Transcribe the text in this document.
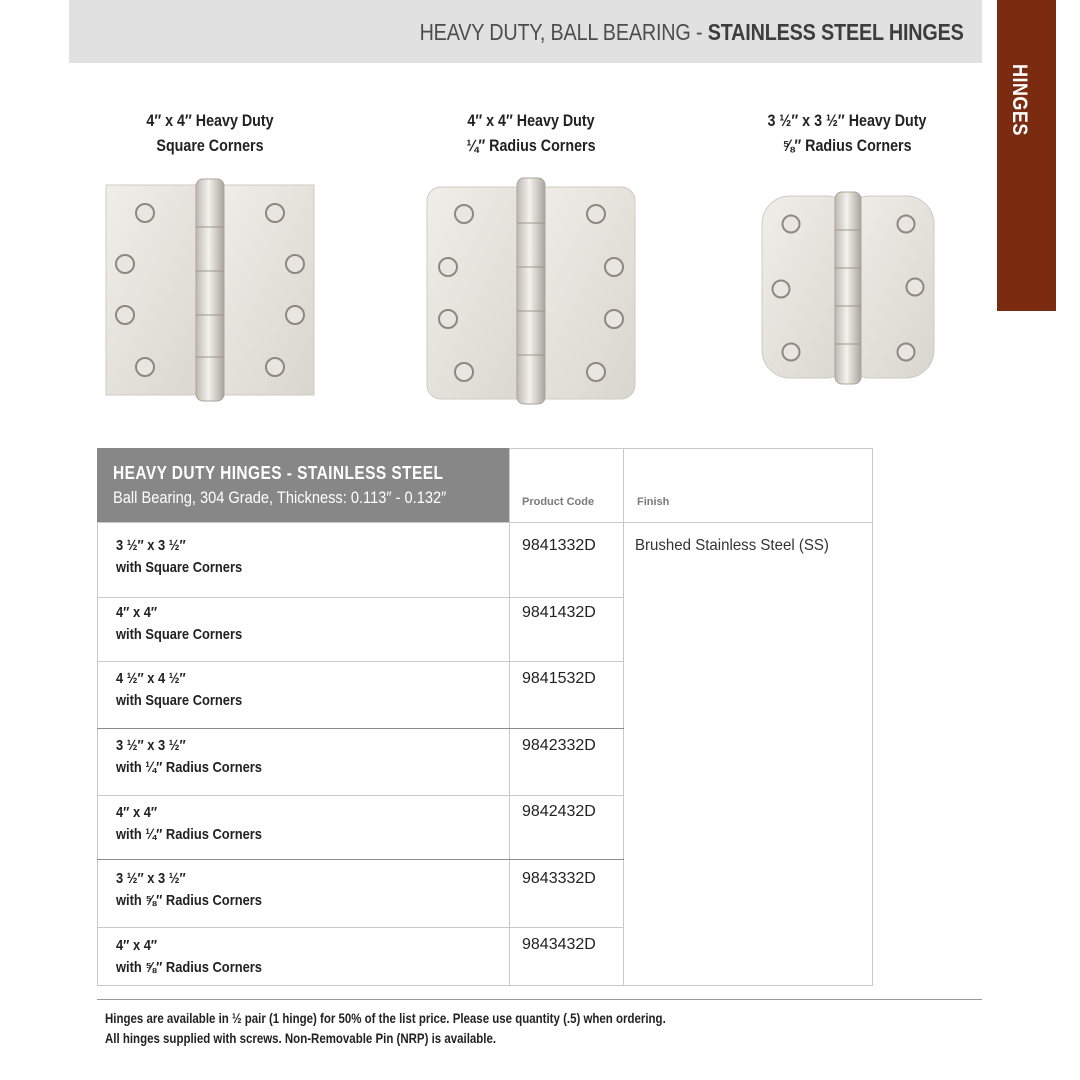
HEAVY DUTY, BALL BEARING - STAINLESS STEEL HINGES
HINGES
4″ x 4″ Heavy Duty
Square Corners
4″ x 4″ Heavy Duty
¼″ Radius Corners
3 ½″ x 3 ½″ Heavy Duty
⅝″ Radius Corners
HEAVY DUTY HINGES - STAINLESS STEEL
Ball Bearing, 304 Grade, Thickness: 0.113″ - 0.132″	Product Code	Finish
3 ½″ x 3 ½″
with Square Corners
9841332D
4″ x 4″
with Square Corners
9841432D
4 ½″ x 4 ½″
with Square Corners
9841532D
3 ½″ x 3 ½″
with ¼″ Radius Corners
9842332D
4″ x 4″
with ¼″ Radius Corners
9842432D
3 ½″ x 3 ½″
with ⅝″ Radius Corners
9843332D
4″ x 4″
with ⅝″ Radius Corners
9843432D
Brushed Stainless Steel (SS)
Hinges are available in ½ pair (1 hinge) for 50% of the list price. Please use quantity (.5) when ordering.
All hinges supplied with screws. Non-Removable Pin (NRP) is available.
